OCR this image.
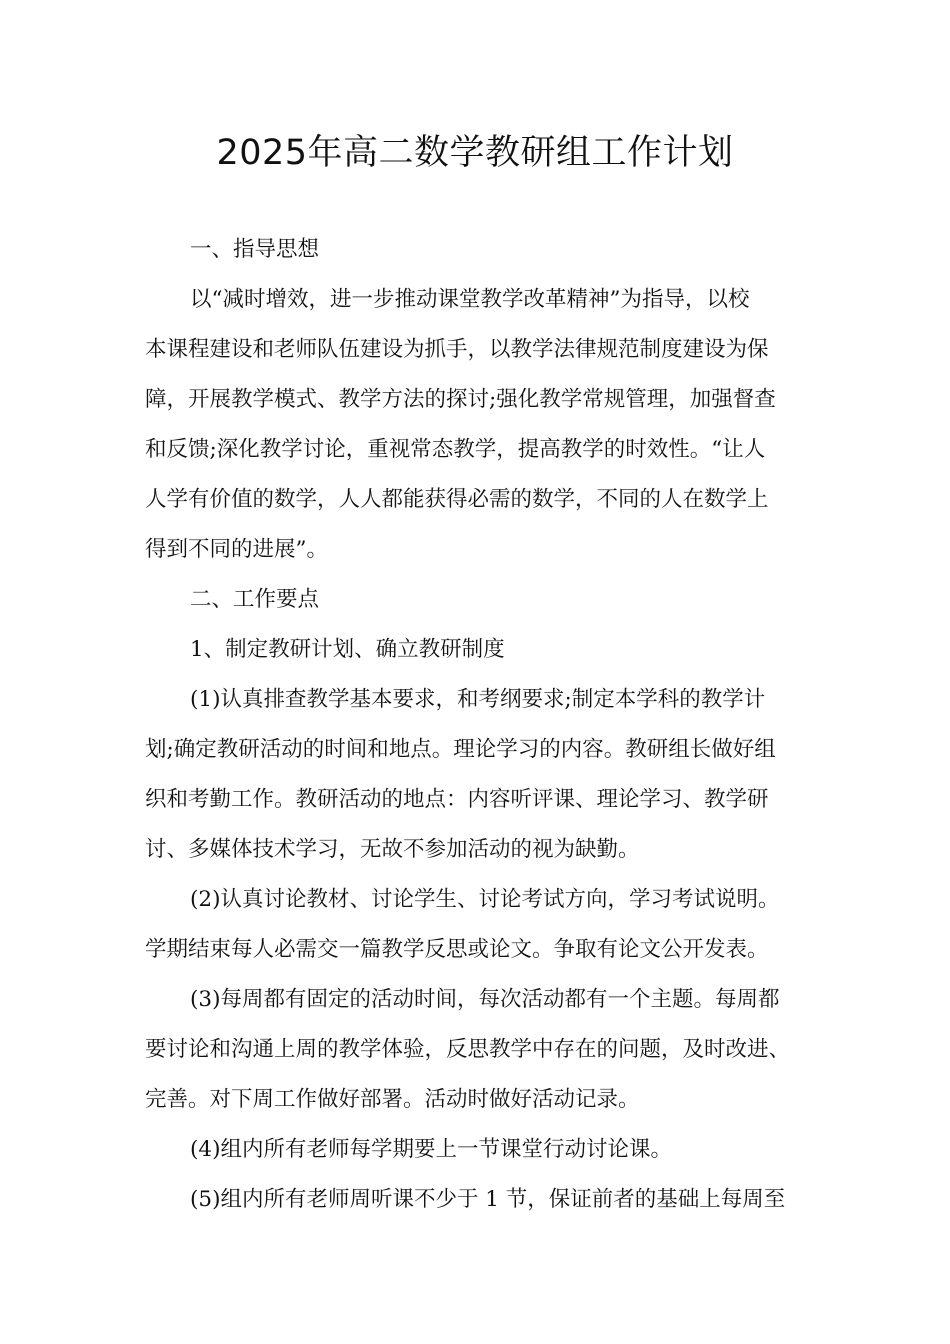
2025年高二数学教研组工作计划

一、指导思想

以“减时增效，进一步推动课堂教学改革精神”为指导，以校

本课程建设和老师队伍建设为抓手，以教学法律规范制度建设为保

障，开展教学模式、教学方法的探讨;强化教学常规管理，加强督查

和反馈;深化教学讨论，重视常态教学，提高教学的时效性。“让人

人学有价值的数学，人人都能获得必需的数学，不同的人在数学上

得到不同的进展”。

二、工作要点

1、制定教研计划、确立教研制度

(1)认真排查教学基本要求，和考纲要求;制定本学科的教学计

划;确定教研活动的时间和地点。理论学习的内容。教研组长做好组

织和考勤工作。教研活动的地点：内容听评课、理论学习、教学研

讨、多媒体技术学习，无故不参加活动的视为缺勤。

(2)认真讨论教材、讨论学生、讨论考试方向，学习考试说明。

学期结束每人必需交一篇教学反思或论文。争取有论文公开发表。

(3)每周都有固定的活动时间，每次活动都有一个主题。每周都

要讨论和沟通上周的教学体验，反思教学中存在的问题，及时改进、

完善。对下周工作做好部署。活动时做好活动记录。

(4)组内所有老师每学期要上一节课堂行动讨论课。

(5)组内所有老师周听课不少于 1 节，保证前者的基础上每周至
